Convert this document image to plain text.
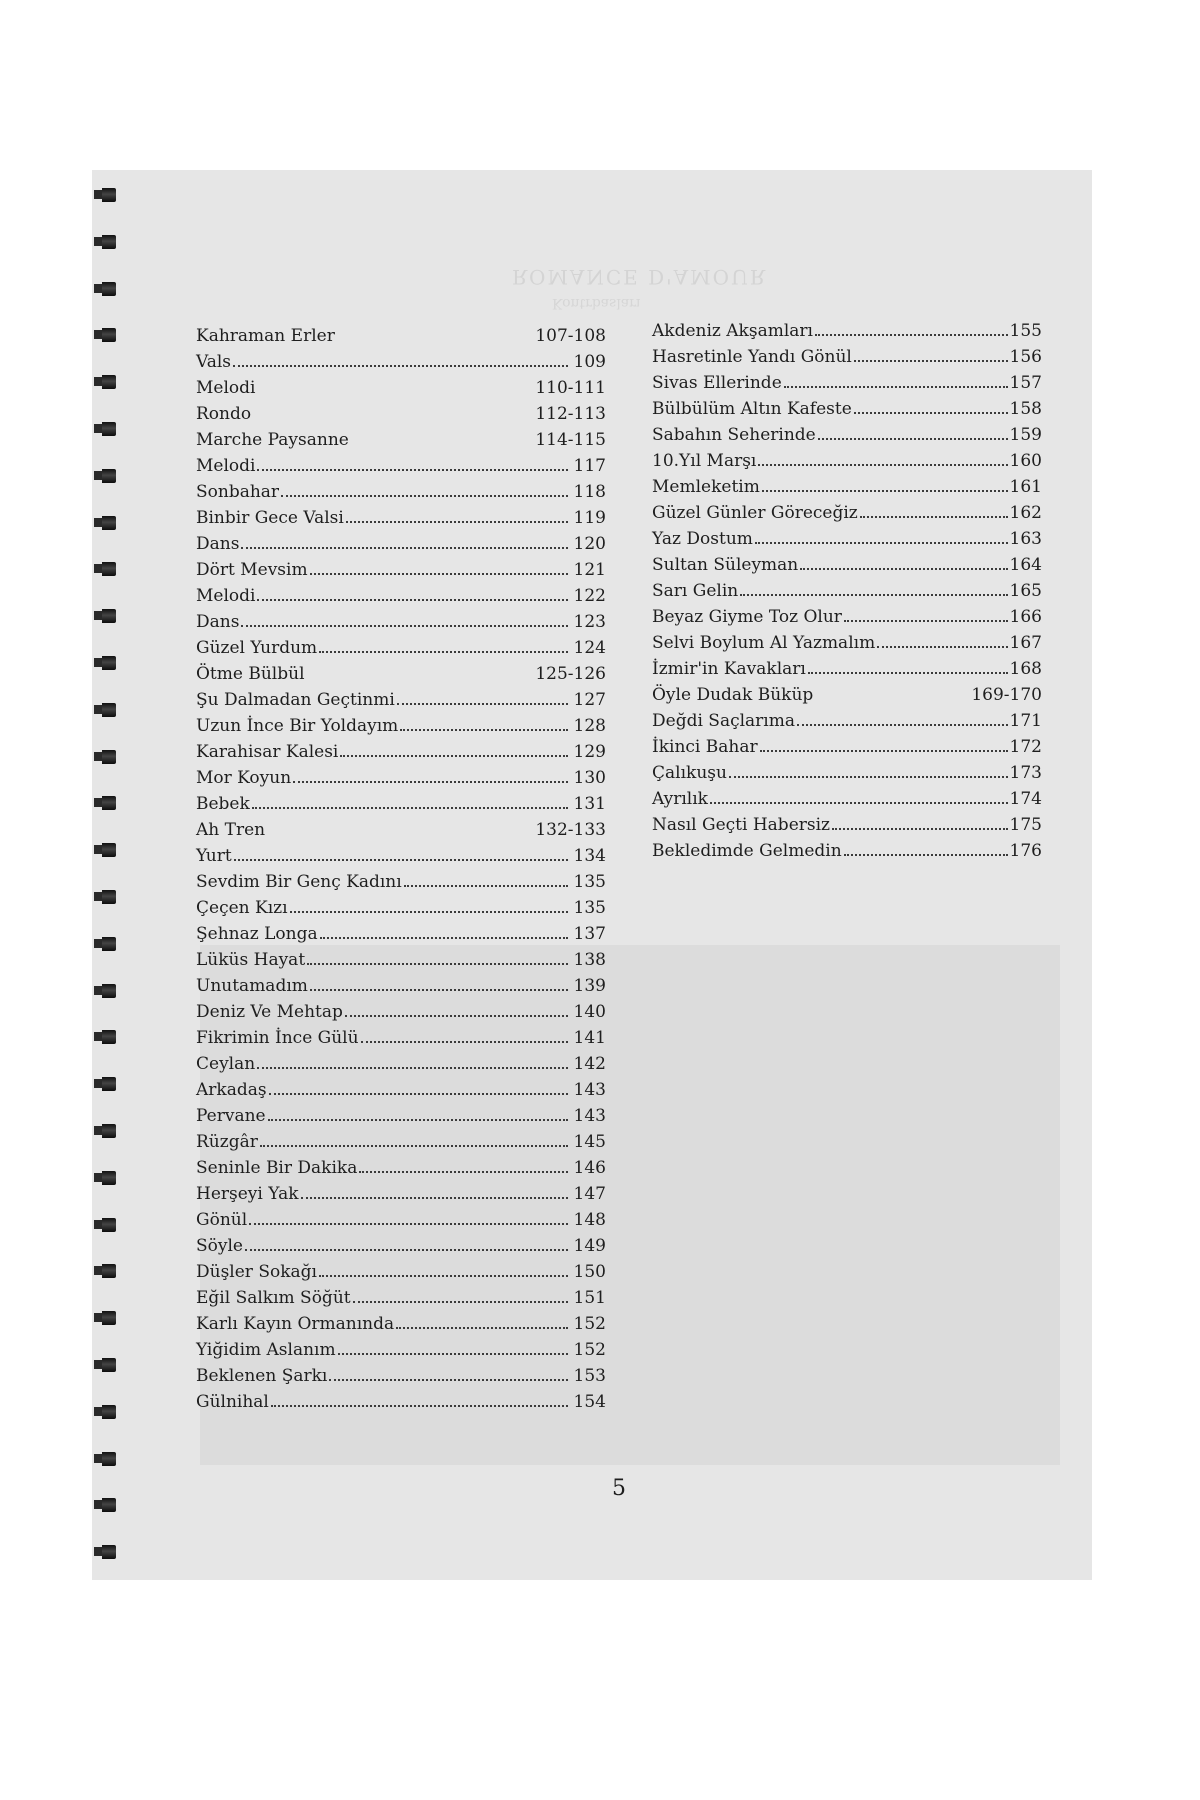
ROMANCE D'AMOUR
Kontrbasları
Kahraman Erler	107-108
Vals	109
Melodi	110-111
Rondo	112-113
Marche Paysanne	114-115
Melodi	117
Sonbahar	118
Binbir Gece Valsi	119
Dans	120
Dört Mevsim	121
Melodi	122
Dans	123
Güzel Yurdum	124
Ötme Bülbül	125-126
Şu Dalmadan Geçtinmi	127
Uzun İnce Bir Yoldayım	128
Karahisar Kalesi	129
Mor Koyun	130
Bebek	131
Ah Tren	132-133
Yurt	134
Sevdim Bir Genç Kadını	135
Çeçen Kızı	135
Şehnaz Longa	137
Lüküs Hayat	138
Unutamadım	139
Deniz Ve Mehtap	140
Fikrimin İnce Gülü	141
Ceylan	142
Arkadaş	143
Pervane	143
Rüzgâr	145
Seninle Bir Dakika	146
Herşeyi Yak	147
Gönül	148
Söyle	149
Düşler Sokağı	150
Eğil Salkım Söğüt	151
Karlı Kayın Ormanında	152
Yiğidim Aslanım	152
Beklenen Şarkı	153
Gülnihal	154
Akdeniz Akşamları	155
Hasretinle Yandı Gönül	156
Sivas Ellerinde	157
Bülbülüm Altın Kafeste	158
Sabahın Seherinde	159
10.Yıl Marşı	160
Memleketim	161
Güzel Günler Göreceğiz	162
Yaz Dostum	163
Sultan Süleyman	164
Sarı Gelin	165
Beyaz Giyme Toz Olur	166
Selvi Boylum Al Yazmalım	167
İzmir'in Kavakları	168
Öyle Dudak Büküp	169-170
Değdi Saçlarıma	171
İkinci Bahar	172
Çalıkuşu	173
Ayrılık	174
Nasıl Geçti Habersiz	175
Bekledimde Gelmedin	176
5
